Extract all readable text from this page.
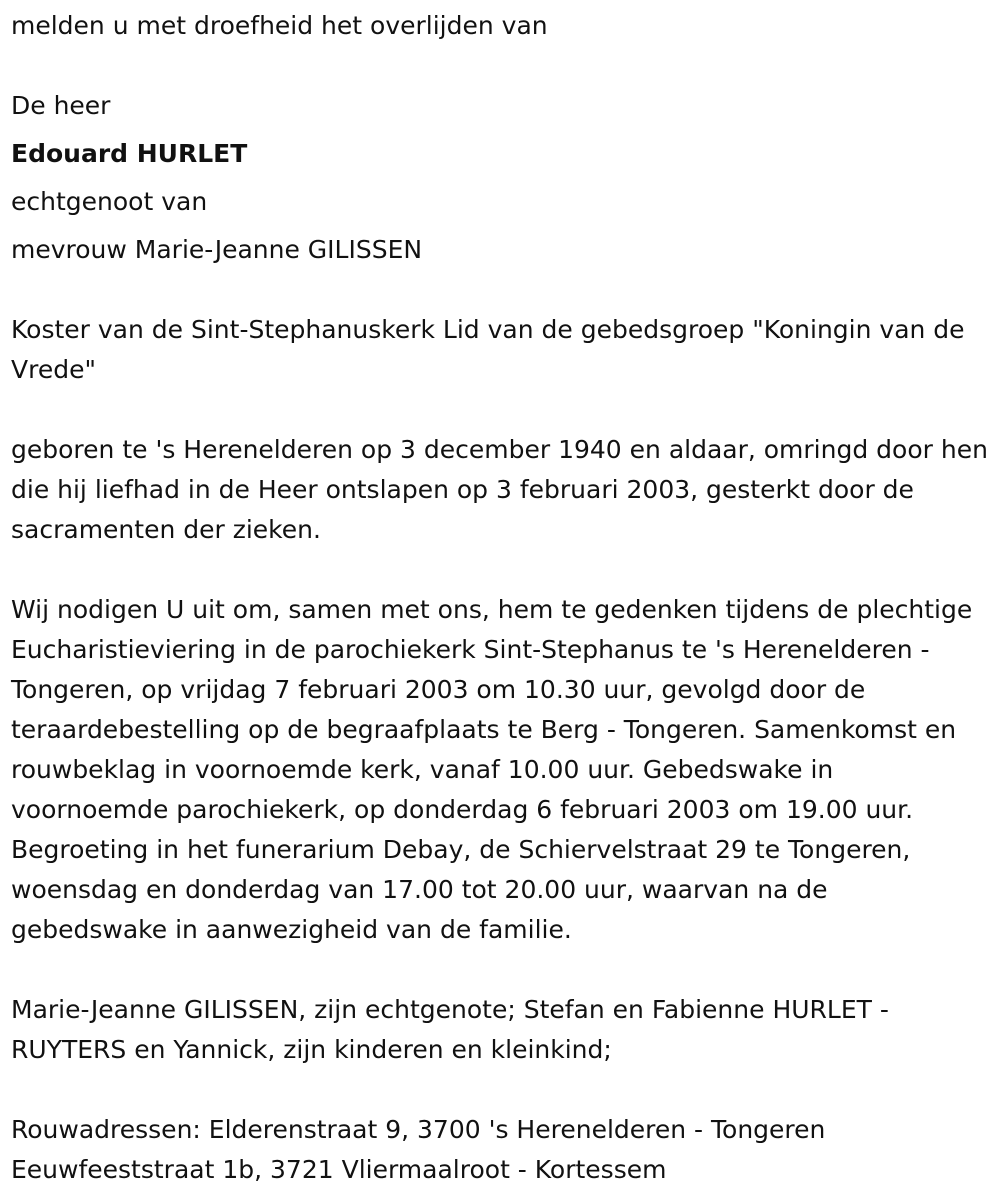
melden u met droefheid het overlijden van

De heer

Edouard HURLET

echtgenoot van

mevrouw Marie-Jeanne GILISSEN

Koster van de Sint-Stephanuskerk Lid van de gebedsgroep "Koningin van de Vrede"

geboren te 's Herenelderen op 3 december 1940 en aldaar, omringd door hen die hij liefhad in de Heer ontslapen op 3 februari 2003, gesterkt door de sacramenten der zieken.

Wij nodigen U uit om, samen met ons, hem te gedenken tijdens de plechtige Eucharistieviering in de parochiekerk Sint-Stephanus te 's Herenelderen - Tongeren, op vrijdag 7 februari 2003 om 10.30 uur, gevolgd door de teraardebestelling op de begraafplaats te Berg - Tongeren. Samenkomst en rouwbeklag in voornoemde kerk, vanaf 10.00 uur. Gebedswake in voornoemde parochiekerk, op donderdag 6 februari 2003 om 19.00 uur. Begroeting in het funerarium Debay, de Schiervelstraat 29 te Tongeren, woensdag en donderdag van 17.00 tot 20.00 uur, waarvan na de gebedswake in aanwezigheid van de familie.

Marie-Jeanne GILISSEN, zijn echtgenote; Stefan en Fabienne HURLET - RUYTERS en Yannick, zijn kinderen en kleinkind;

Rouwadressen: Elderenstraat 9, 3700 's Herenelderen - Tongeren

Eeuwfeeststraat 1b, 3721 Vliermaalroot - Kortessem
